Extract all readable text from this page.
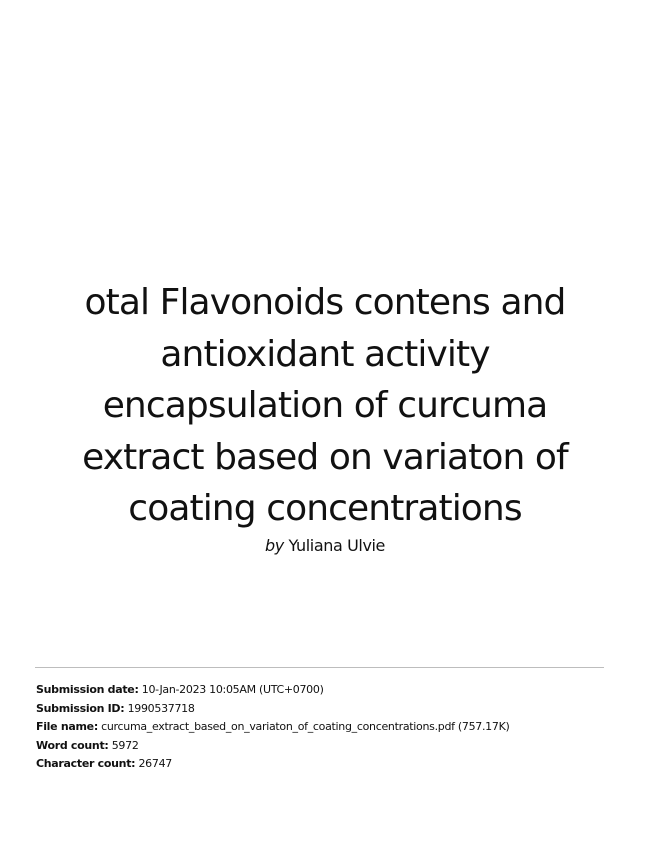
otal Flavonoids contens and antioxidant activity encapsulation of curcuma extract based on variaton of coating concentrations
by Yuliana Ulvie
Submission date: 10-Jan-2023 10:05AM (UTC+0700)
Submission ID: 1990537718
File name: curcuma_extract_based_on_variaton_of_coating_concentrations.pdf (757.17K)
Word count: 5972
Character count: 26747
